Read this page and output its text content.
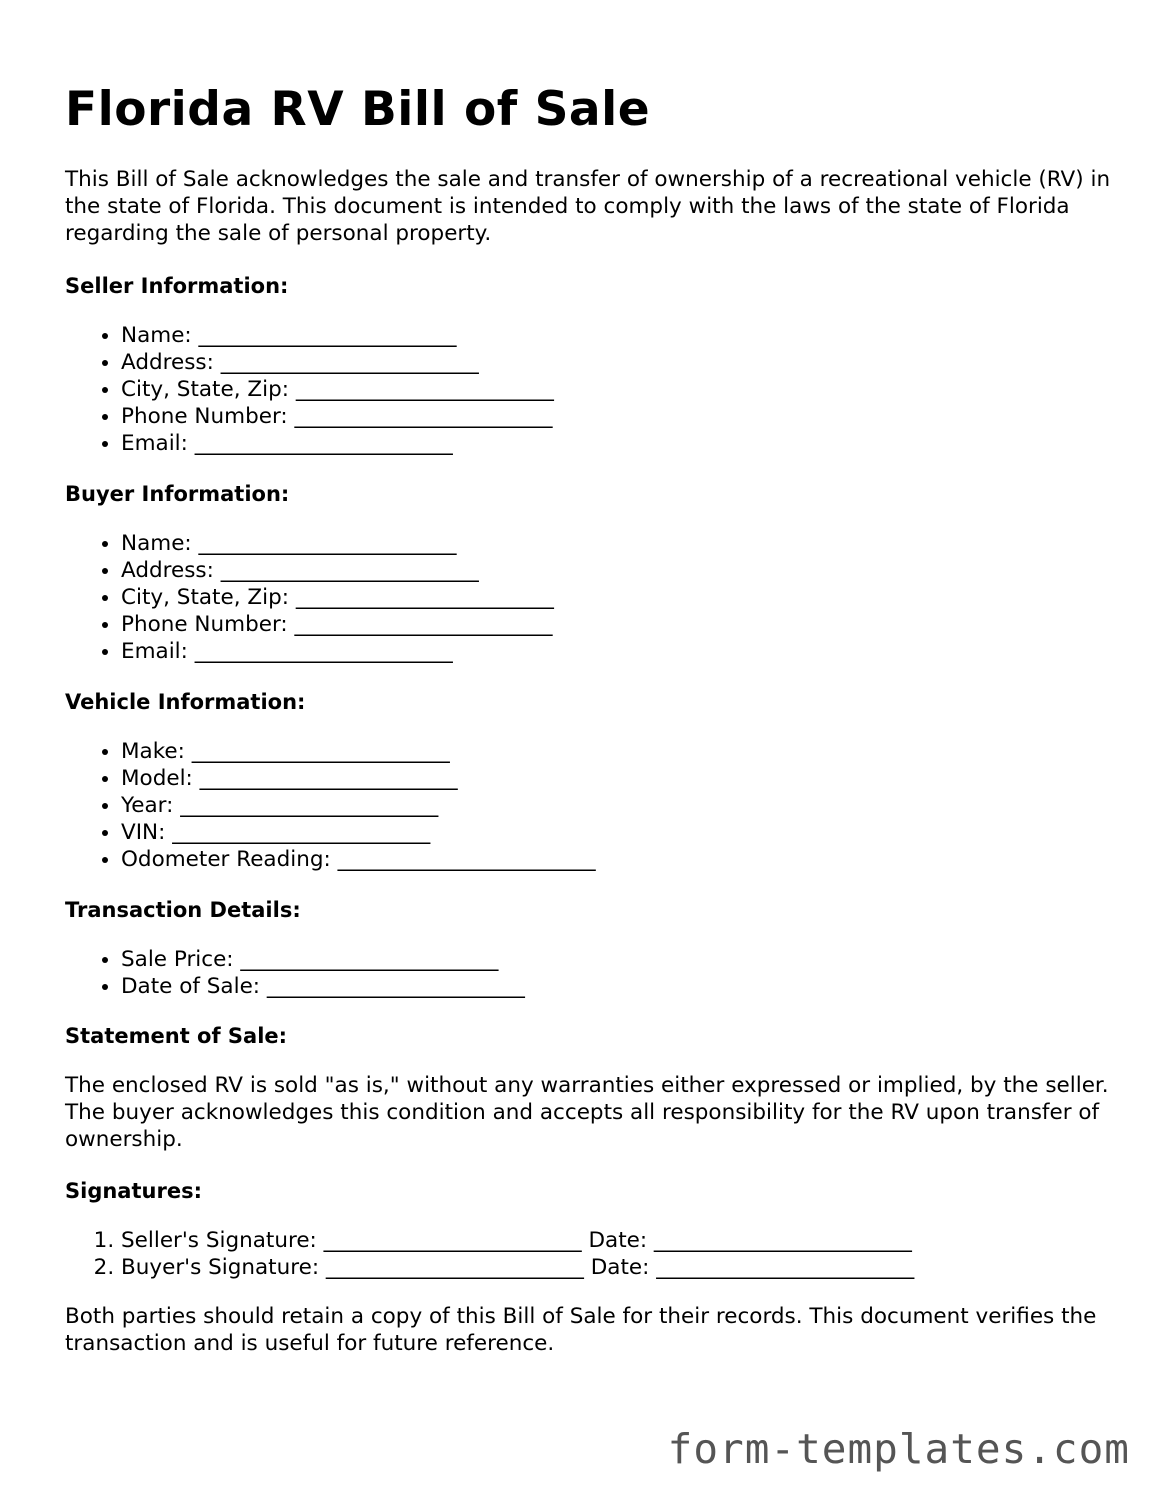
Florida RV Bill of Sale

This Bill of Sale acknowledges the sale and transfer of ownership of a recreational vehicle (RV) in the state of Florida. This document is intended to comply with the laws of the state of Florida regarding the sale of personal property.

Seller Information:
• Name: ________________________
• Address: ________________________
• City, State, Zip: ________________________
• Phone Number: ________________________
• Email: ________________________
Buyer Information:
• Name: ________________________
• Address: ________________________
• City, State, Zip: ________________________
• Phone Number: ________________________
• Email: ________________________
Vehicle Information:
• Make: ________________________
• Model: ________________________
• Year: ________________________
• VIN: ________________________
• Odometer Reading: ________________________
Transaction Details:
• Sale Price: ________________________
• Date of Sale: ________________________
Statement of Sale:

The enclosed RV is sold "as is," without any warranties either expressed or implied, by the seller. The buyer acknowledges this condition and accepts all responsibility for the RV upon transfer of ownership.

Signatures:
1. Seller's Signature: ________________________ Date: ________________________
2. Buyer's Signature: ________________________ Date: ________________________

Both parties should retain a copy of this Bill of Sale for their records. This document verifies the transaction and is useful for future reference.

form-templates.com
